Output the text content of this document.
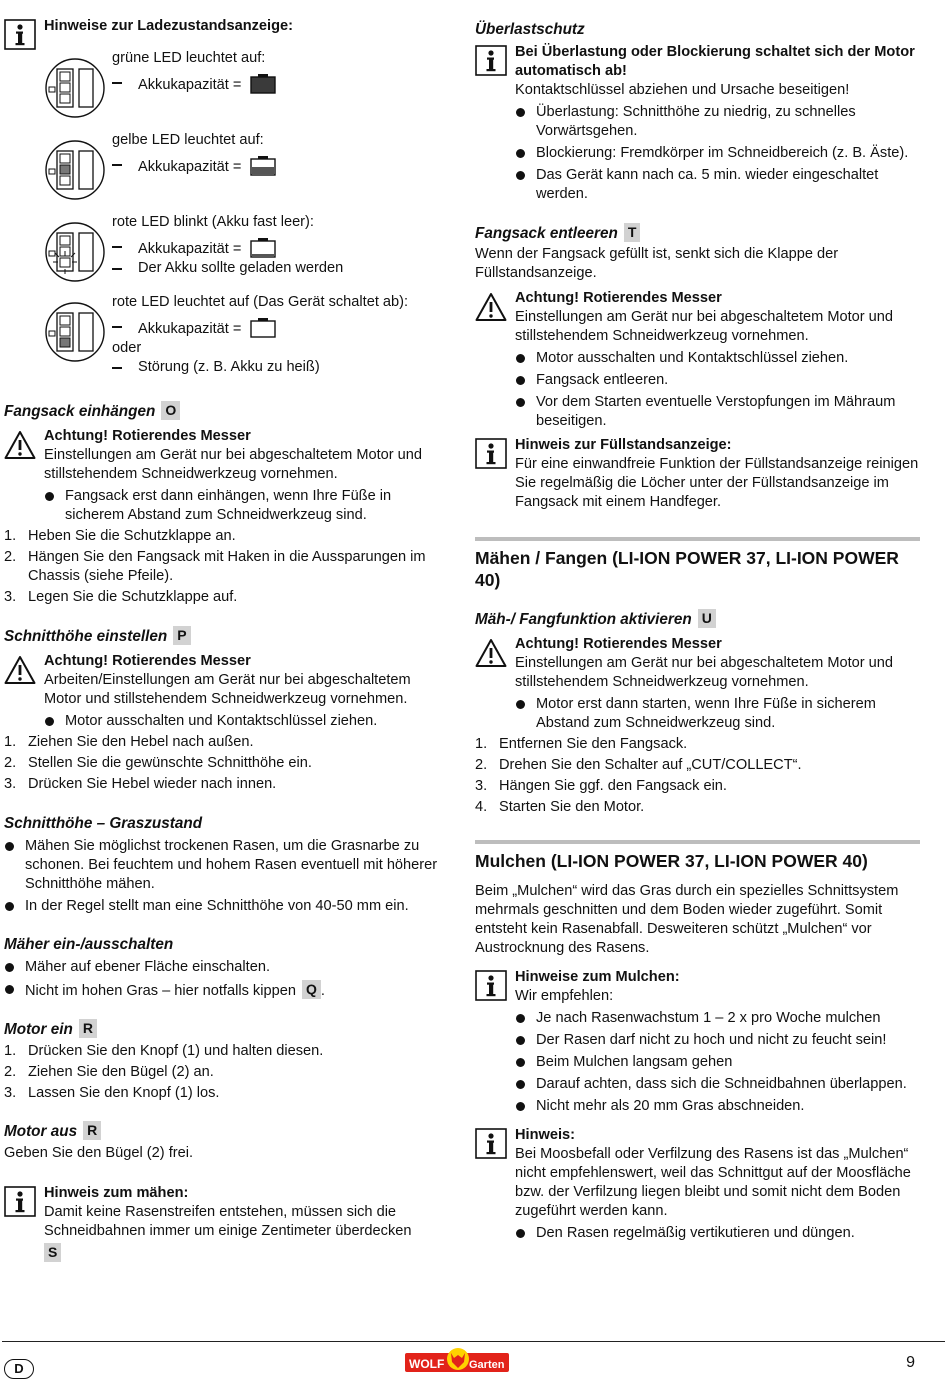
Hinweise zur Ladezustandsanzeige:
grüne LED leuchtet auf:
Akkukapazität =
gelbe LED leuchtet auf:
Akkukapazität =
rote LED blinkt (Akku fast leer):
Akkukapazität =
Der Akku sollte geladen werden
rote LED leuchtet auf (Das Gerät schaltet ab):
Akkukapazität =
oder
Störung (z. B. Akku zu heiß)
Fangsack einhängen O
Achtung! Rotierendes Messer

Einstellungen am Gerät nur bei abgeschaltetem Motor und stillstehendem Schneidwerkzeug vornehmen.

Fangsack erst dann einhängen, wenn Ihre Füße in sicherem Abstand zum Schneidwerkzeug sind.
1. Heben Sie die Schutzklappe an.
2. Hängen Sie den Fangsack mit Haken in die Aussparungen im Chassis (siehe Pfeile).
3. Legen Sie die Schutzklappe auf.
Schnitthöhe einstellen P
Achtung! Rotierendes Messer

Arbeiten/Einstellungen am Gerät nur bei abgeschaltetem Motor und stillstehendem Schneidwerkzeug vornehmen.

Motor ausschalten und Kontaktschlüssel ziehen.
1. Ziehen Sie den Hebel nach außen.
2. Stellen Sie die gewünschte Schnitthöhe ein.
3. Drücken Sie Hebel wieder nach innen.
Schnitthöhe – Graszustand
Mähen Sie möglichst trockenen Rasen, um die Grasnarbe zu schonen. Bei feuchtem und hohem Rasen eventuell mit höherer Schnitthöhe mähen.
In der Regel stellt man eine Schnitthöhe von 40-50 mm ein.
Mäher ein-/ausschalten
Mäher auf ebener Fläche einschalten.
Nicht im hohen Gras – hier notfalls kippen Q .
Motor ein R
1. Drücken Sie den Knopf (1) und halten diesen.
2. Ziehen Sie den Bügel (2) an.
3. Lassen Sie den Knopf (1) los.
Motor aus R

Geben Sie den Bügel (2) frei.

Hinweis zum mähen:

Damit keine Rasenstreifen entstehen, müssen sich die Schneidbahnen immer um einige Zentimeter überdecken

S
Überlastschutz
Bei Überlastung oder Blockierung schaltet sich der Motor automatisch ab!

Kontaktschlüssel abziehen und Ursache beseitigen!

Überlastung: Schnitthöhe zu niedrig, zu schnelles Vorwärtsgehen.
Blockierung: Fremdkörper im Schneidbereich (z. B. Äste).
Das Gerät kann nach ca. 5 min. wieder eingeschaltet werden.
Fangsack entleeren T

Wenn der Fangsack gefüllt ist, senkt sich die Klappe der Füllstandsanzeige.

Achtung! Rotierendes Messer

Einstellungen am Gerät nur bei abgeschaltetem Motor und stillstehendem Schneidwerkzeug vornehmen.

Motor ausschalten und Kontaktschlüssel ziehen.
Fangsack entleeren.
Vor dem Starten eventuelle Verstopfungen im Mähraum beseitigen.
Hinweis zur Füllstandsanzeige:

Für eine einwandfreie Funktion der Füllstandsanzeige reinigen Sie regelmäßig die Löcher unter der Füllstandsanzeige im Fangsack mit einem Handfeger.

Mähen / Fangen (LI-ION POWER 37, LI-ION POWER 40)
Mäh-/ Fangfunktion aktivieren U
Achtung! Rotierendes Messer

Einstellungen am Gerät nur bei abgeschaltetem Motor und stillstehendem Schneidwerkzeug vornehmen.

Motor erst dann starten, wenn Ihre Füße in sicherem Abstand zum Schneidwerkzeug sind.
1. Entfernen Sie den Fangsack.
2. Drehen Sie den Schalter auf „CUT/COLLECT“.
3. Hängen Sie ggf. den Fangsack ein.
4. Starten Sie den Motor.
Mulchen (LI-ION POWER 37, LI-ION POWER 40)

Beim „Mulchen“ wird das Gras durch ein spezielles Schnittsystem mehrmals geschnitten und dem Boden wieder zugeführt. Somit entsteht kein Rasenabfall. Desweiteren schützt „Mulchen“ vor Austrocknung des Rasens.

Hinweise zum Mulchen:

Wir empfehlen:

Je nach Rasenwachstum 1 – 2 x pro Woche mulchen
Der Rasen darf nicht zu hoch und nicht zu feucht sein!
Beim Mulchen langsam gehen
Darauf achten, dass sich die Schneidbahnen überlappen.
Nicht mehr als 20 mm Gras abschneiden.
Hinweis:

Bei Moosbefall oder Verfilzung des Rasens ist das „Mulchen“ nicht empfehlenswert, weil das Schnittgut auf der Moosfläche bzw. der Verfilzung liegen bleibt und somit nicht dem Boden zugeführt werden kann.

Den Rasen regelmäßig vertikutieren und düngen.
D	WOLF Garten	9
